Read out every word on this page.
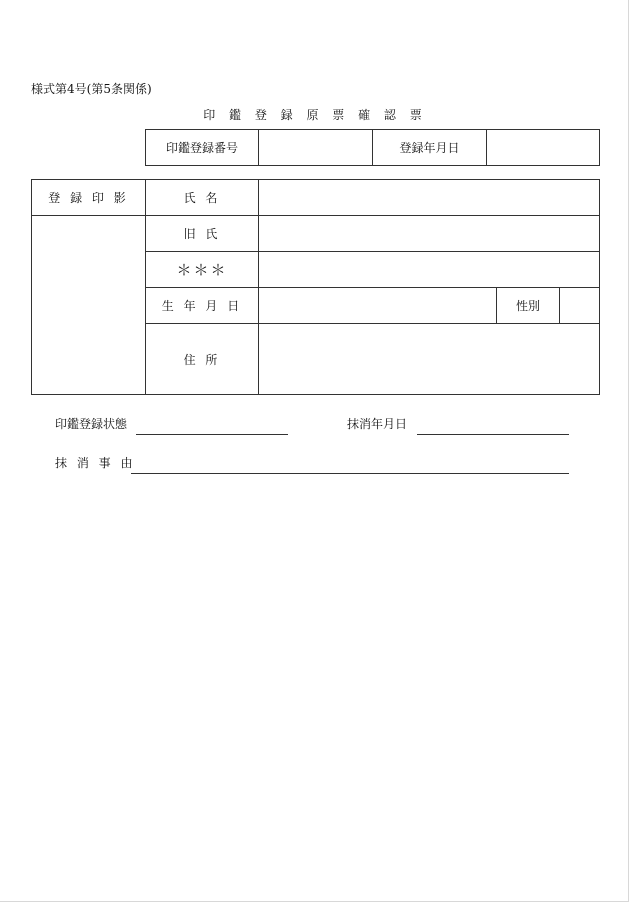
様式第4号(第5条関係)
印 鑑 登 録 原 票 確 認 票
印鑑登録番号	登録年月日
登 録 印 影	氏 名
旧 氏
＊＊＊
生 年 月 日	性別
住 所
印鑑登録状態	抹消年月日
抹 消 事 由
